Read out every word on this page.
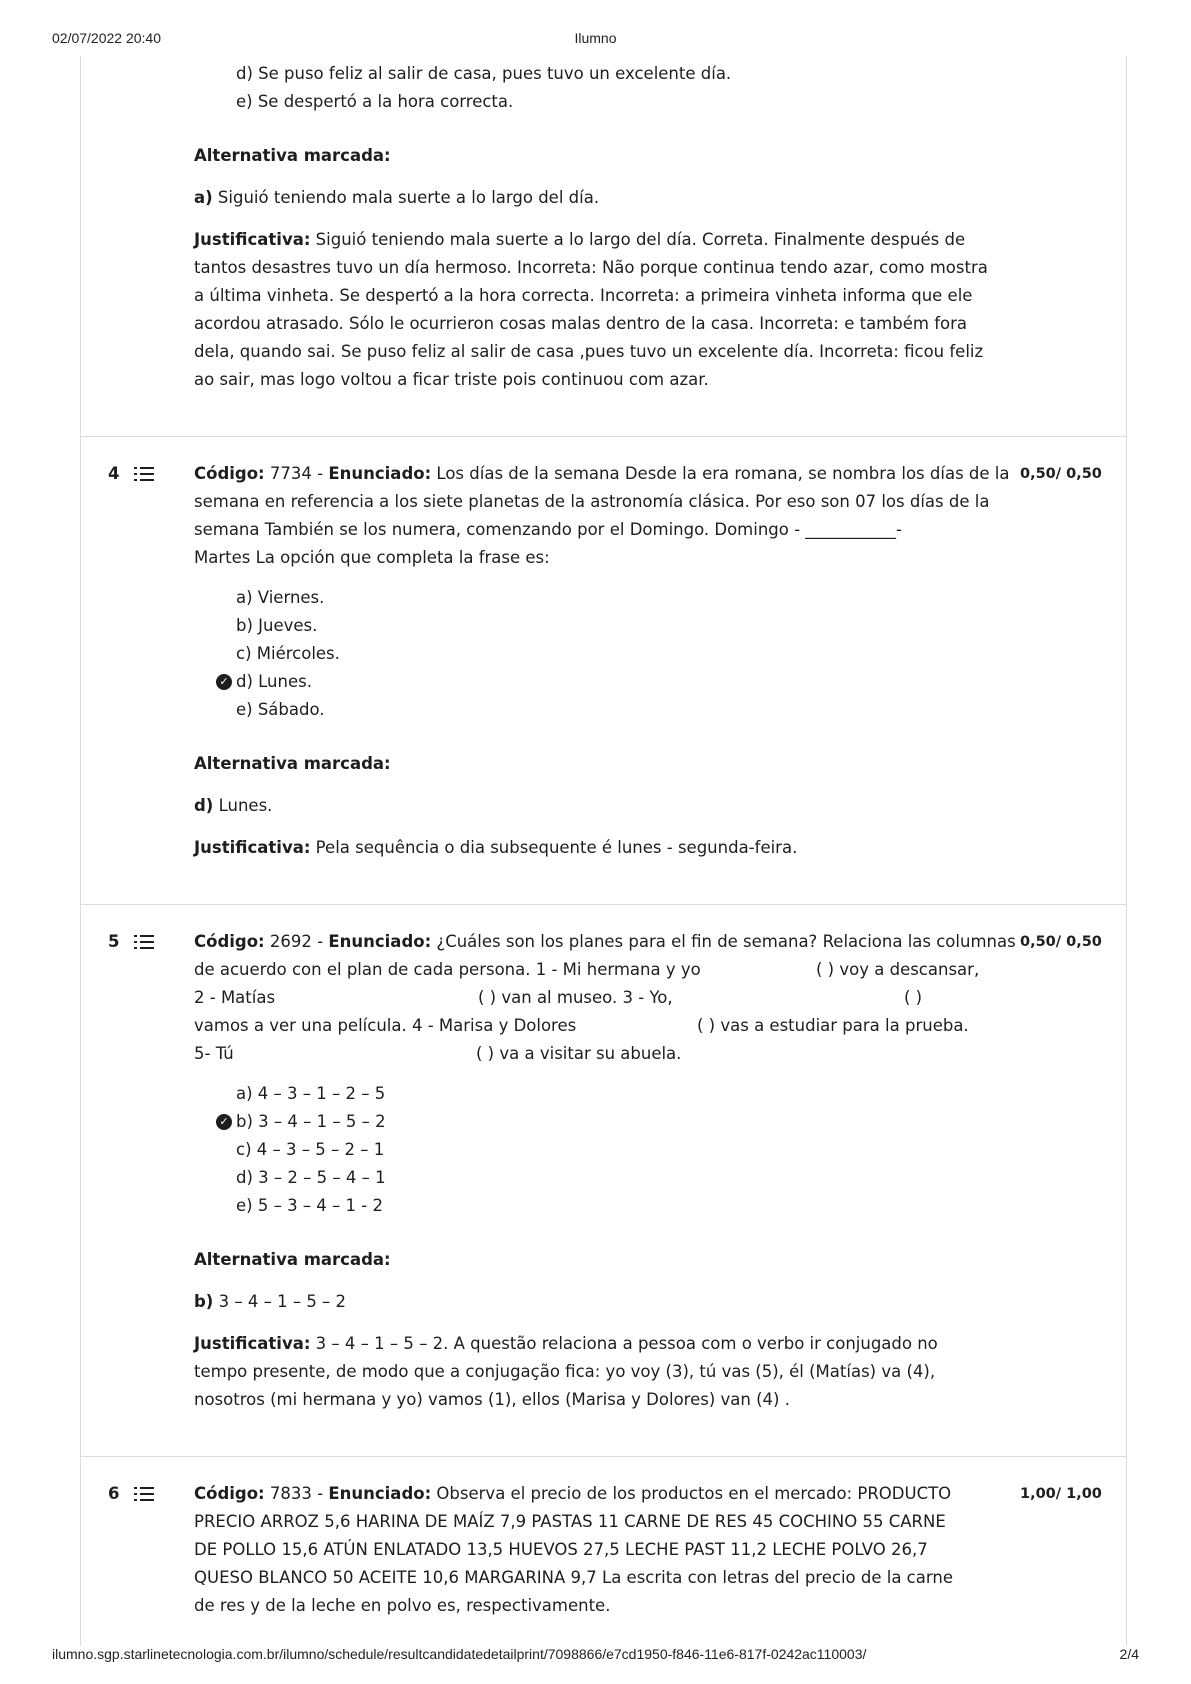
02/07/2022 20:40	Ilumno
d) Se puso feliz al salir de casa, pues tuvo un excelente día.
e) Se despertó a la hora correcta.
Alternativa marcada:
a) Siguió teniendo mala suerte a lo largo del día.
Justificativa: Siguió teniendo mala suerte a lo largo del día. Correta. Finalmente después de tantos desastres tuvo un día hermoso. Incorreta: Não porque continua tendo azar, como mostra a última vinheta. Se despertó a la hora correcta. Incorreta: a primeira vinheta informa que ele acordou atrasado. Sólo le ocurrieron cosas malas dentro de la casa. Incorreta: e também fora dela, quando sai. Se puso feliz al salir de casa ,pues tuvo un excelente día. Incorreta: ficou feliz ao sair, mas logo voltou a ficar triste pois continuou com azar.
4	0,50/ 0,50
Código: 7734 - Enunciado: Los días de la semana Desde la era romana, se nombra los días de la
semana en referencia a los siete planetas de la astronomía clásica. Por eso son 07 los días de la
semana También se los numera, comenzando por el Domingo. Domingo - ___________-
Martes La opción que completa la frase es:
a) Viernes.
b) Jueves.
c) Miércoles.
✓ d) Lunes.
e) Sábado.
Alternativa marcada:
d) Lunes.
Justificativa: Pela sequência o dia subsequente é lunes - segunda-feira.
5	0,50/ 0,50
Código: 2692 - Enunciado: ¿Cuáles son los planes para el fin de semana? Relaciona las columnas
de acuerdo con el plan de cada persona. 1 - Mi hermana y yo	( ) voy a descansar,
2 - Matías	( ) van al museo. 3 - Yo,	( )
vamos a ver una película. 4 - Marisa y Dolores	( ) vas a estudiar para la prueba.
5- Tú	( ) va a visitar su abuela.
a) 4 – 3 – 1 – 2 – 5
✓ b) 3 – 4 – 1 – 5 – 2
c) 4 – 3 – 5 – 2 – 1
d) 3 – 2 – 5 – 4 – 1
e) 5 – 3 – 4 – 1 - 2
Alternativa marcada:
b) 3 – 4 – 1 – 5 – 2
Justificativa: 3 – 4 – 1 – 5 – 2. A questão relaciona a pessoa com o verbo ir conjugado no tempo presente, de modo que a conjugação fica: yo voy (3), tú vas (5), él (Matías) va (4), nosotros (mi hermana y yo) vamos (1), ellos (Marisa y Dolores) van (4) .
6	1,00/ 1,00
Código: 7833 - Enunciado: Observa el precio de los productos en el mercado: PRODUCTO PRECIO ARROZ 5,6 HARINA DE MAÍZ 7,9 PASTAS 11 CARNE DE RES 45 COCHINO 55 CARNE DE POLLO 15,6 ATÚN ENLATADO 13,5 HUEVOS 27,5 LECHE PAST 11,2 LECHE POLVO 26,7 QUESO BLANCO 50 ACEITE 10,6 MARGARINA 9,7 La escrita con letras del precio de la carne de res y de la leche en polvo es, respectivamente.
ilumno.sgp.starlinetecnologia.com.br/ilumno/schedule/resultcandidatedetailprint/7098866/e7cd1950-f846-11e6-817f-0242ac110003/	2/4
